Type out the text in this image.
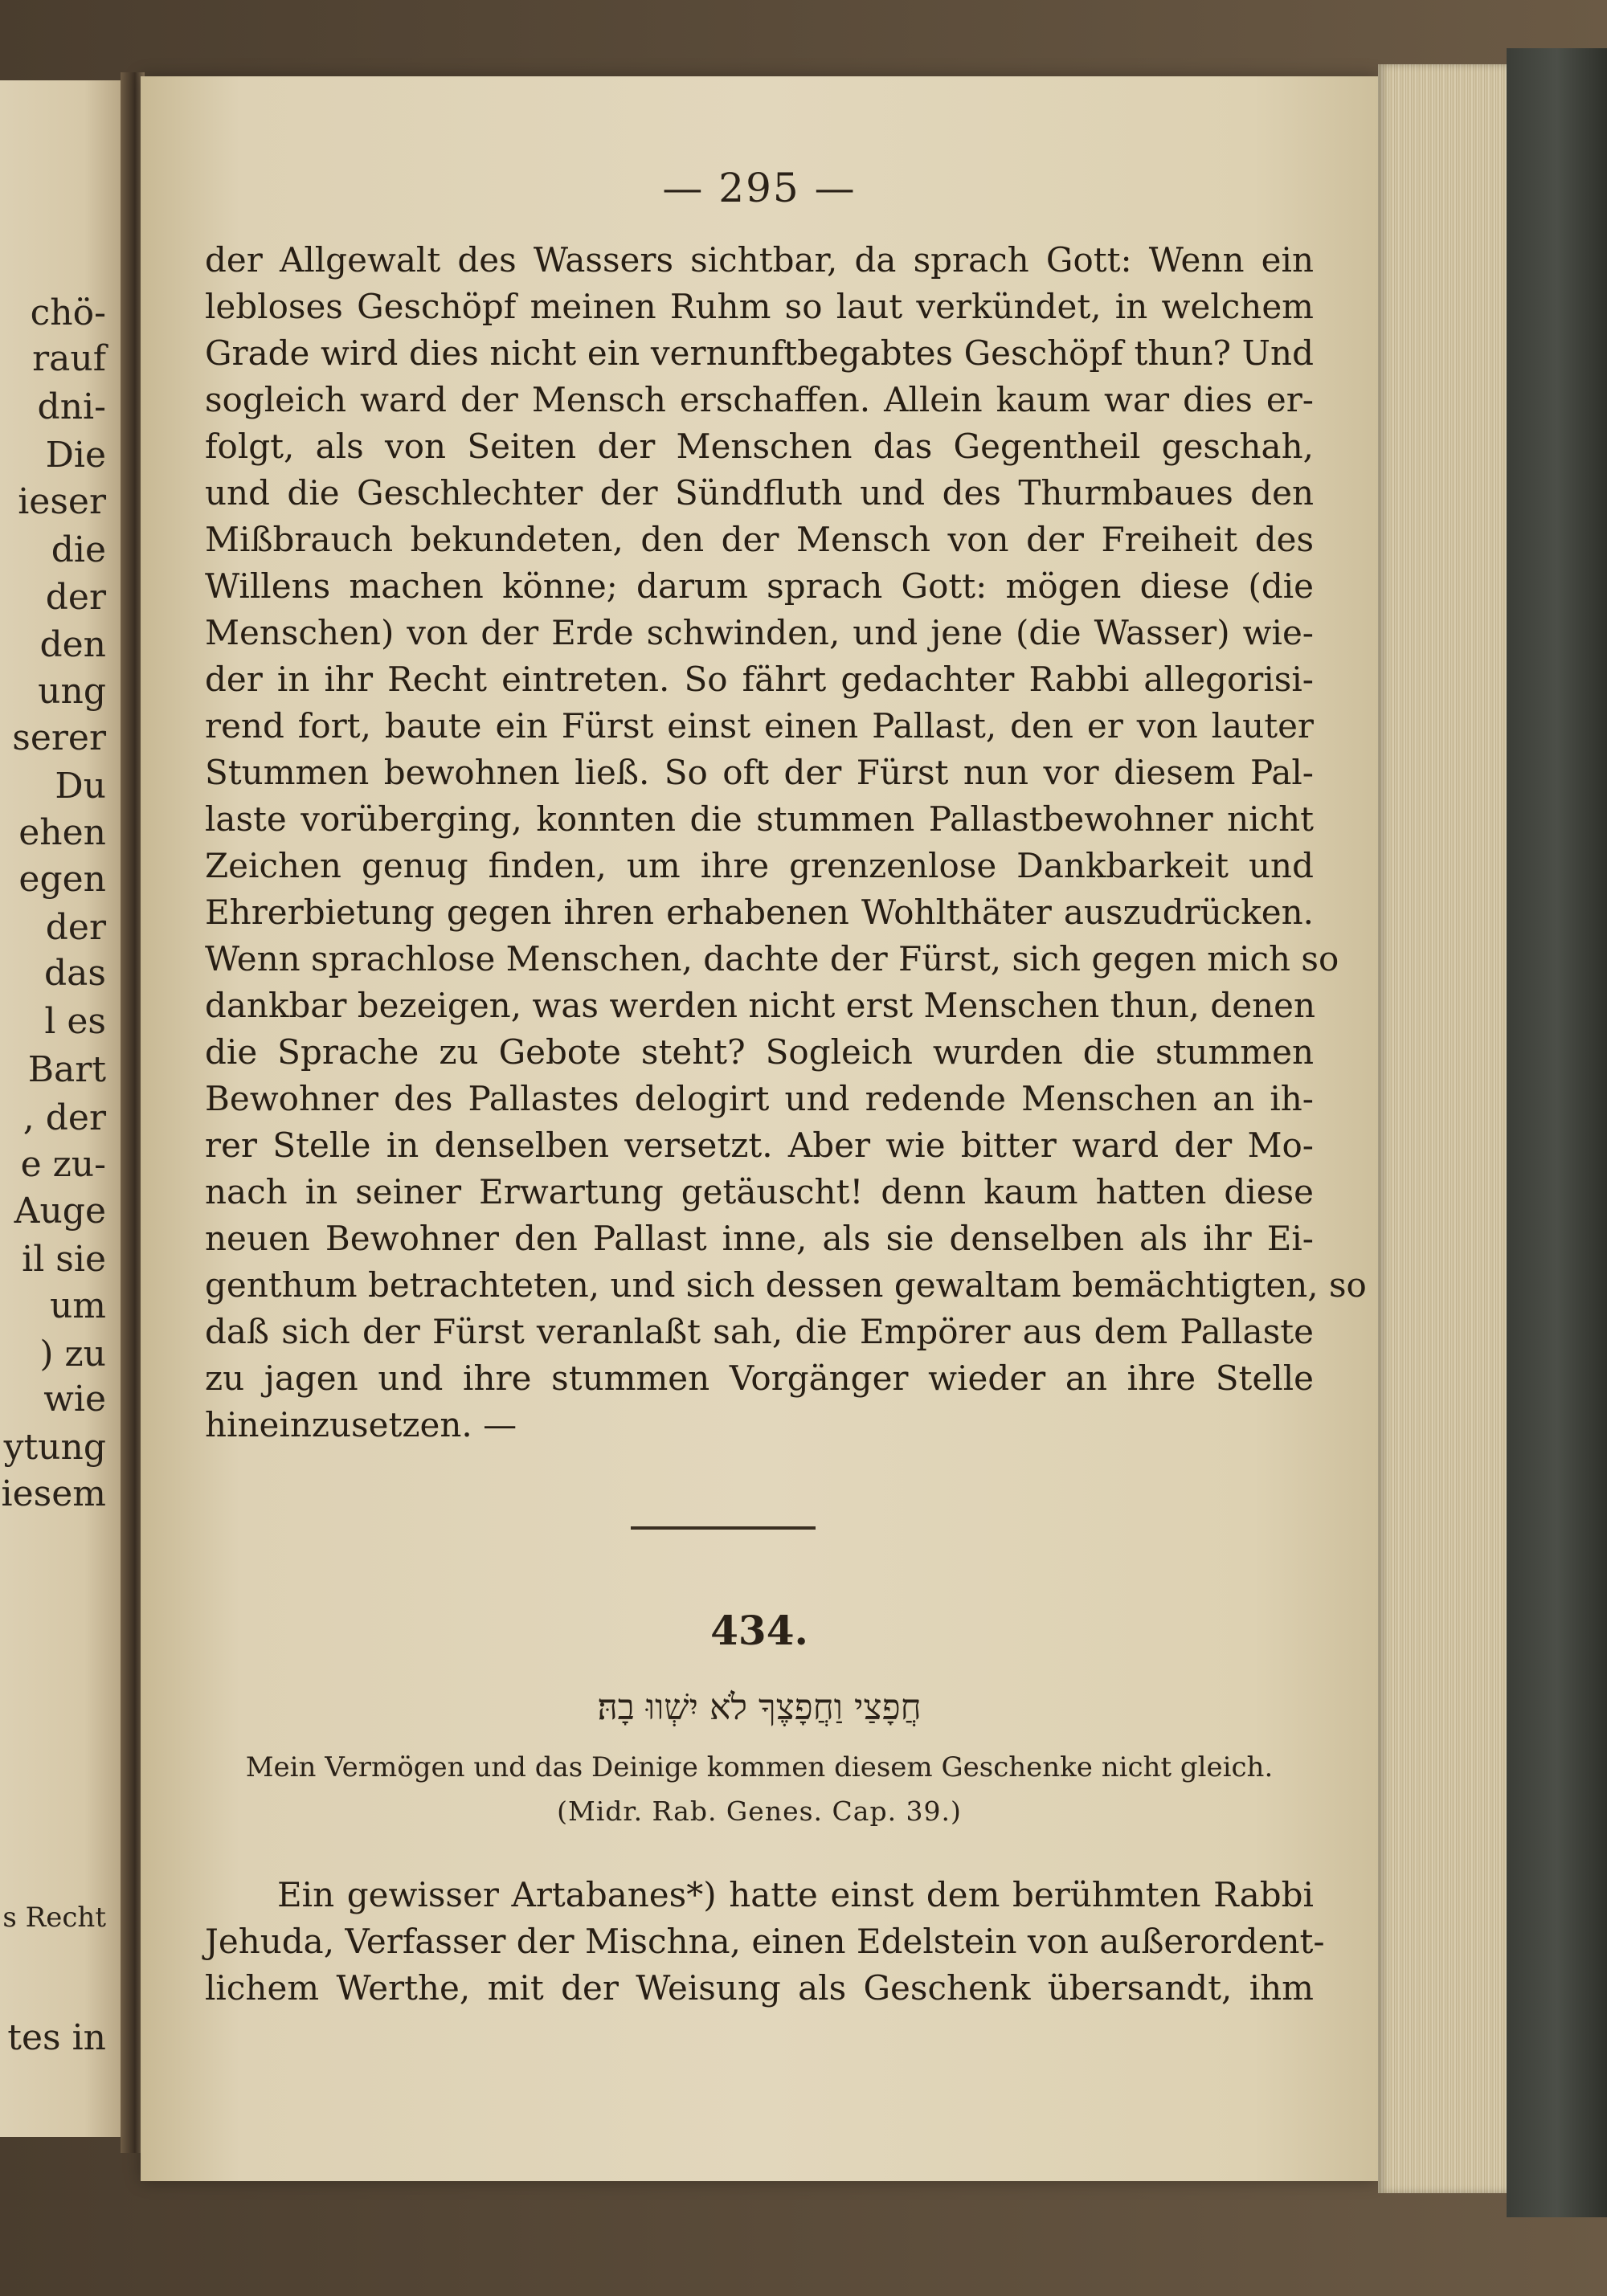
chö-
rauf
dni-
Die
ieser
die
der
den
ung
serer
Du
ehen
egen
der
das
l es
Bart
, der
e zu-
Auge
il sie
um
) zu
wie
ytung
iesem
s Recht
tes in
— 295 —
der Allgewalt des Wassers sichtbar, da sprach Gott: Wenn ein
lebloses Geschöpf meinen Ruhm so laut verkündet, in welchem
Grade wird dies nicht ein vernunftbegabtes Geschöpf thun? Und
sogleich ward der Mensch erschaffen. Allein kaum war dies er-
folgt, als von Seiten der Menschen das Gegentheil geschah,
und die Geschlechter der Sündfluth und des Thurmbaues den
Mißbrauch bekundeten, den der Mensch von der Freiheit des
Willens machen könne; darum sprach Gott: mögen diese (die
Menschen) von der Erde schwinden, und jene (die Wasser) wie-
der in ihr Recht eintreten. So fährt gedachter Rabbi allegorisi-
rend fort, baute ein Fürst einst einen Pallast, den er von lauter
Stummen bewohnen ließ. So oft der Fürst nun vor diesem Pal-
laste vorüberging, konnten die stummen Pallastbewohner nicht
Zeichen genug finden, um ihre grenzenlose Dankbarkeit und
Ehrerbietung gegen ihren erhabenen Wohlthäter auszudrücken.
Wenn sprachlose Menschen, dachte der Fürst, sich gegen mich so
dankbar bezeigen, was werden nicht erst Menschen thun, denen
die Sprache zu Gebote steht? Sogleich wurden die stummen
Bewohner des Pallastes delogirt und redende Menschen an ih-
rer Stelle in denselben versetzt. Aber wie bitter ward der Mo-
nach in seiner Erwartung getäuscht! denn kaum hatten diese
neuen Bewohner den Pallast inne, als sie denselben als ihr Ei-
genthum betrachteten, und sich dessen gewaltam bemächtigten, so
daß sich der Fürst veranlaßt sah, die Empörer aus dem Pallaste
zu jagen und ihre stummen Vorgänger wieder an ihre Stelle
hineinzusetzen. —
434.
חֲפָצַי וַחֲפָצֶךָ לֹא יִשְׁווּ בָהּ׃
Mein Vermögen und das Deinige kommen diesem Geschenke nicht gleich.
(Midr. Rab. Genes. Cap. 39.)
Ein gewisser Artabanes*) hatte einst dem berühmten Rabbi
Jehuda, Verfasser der Mischna, einen Edelstein von außerordent-
lichem Werthe, mit der Weisung als Geschenk übersandt, ihm
